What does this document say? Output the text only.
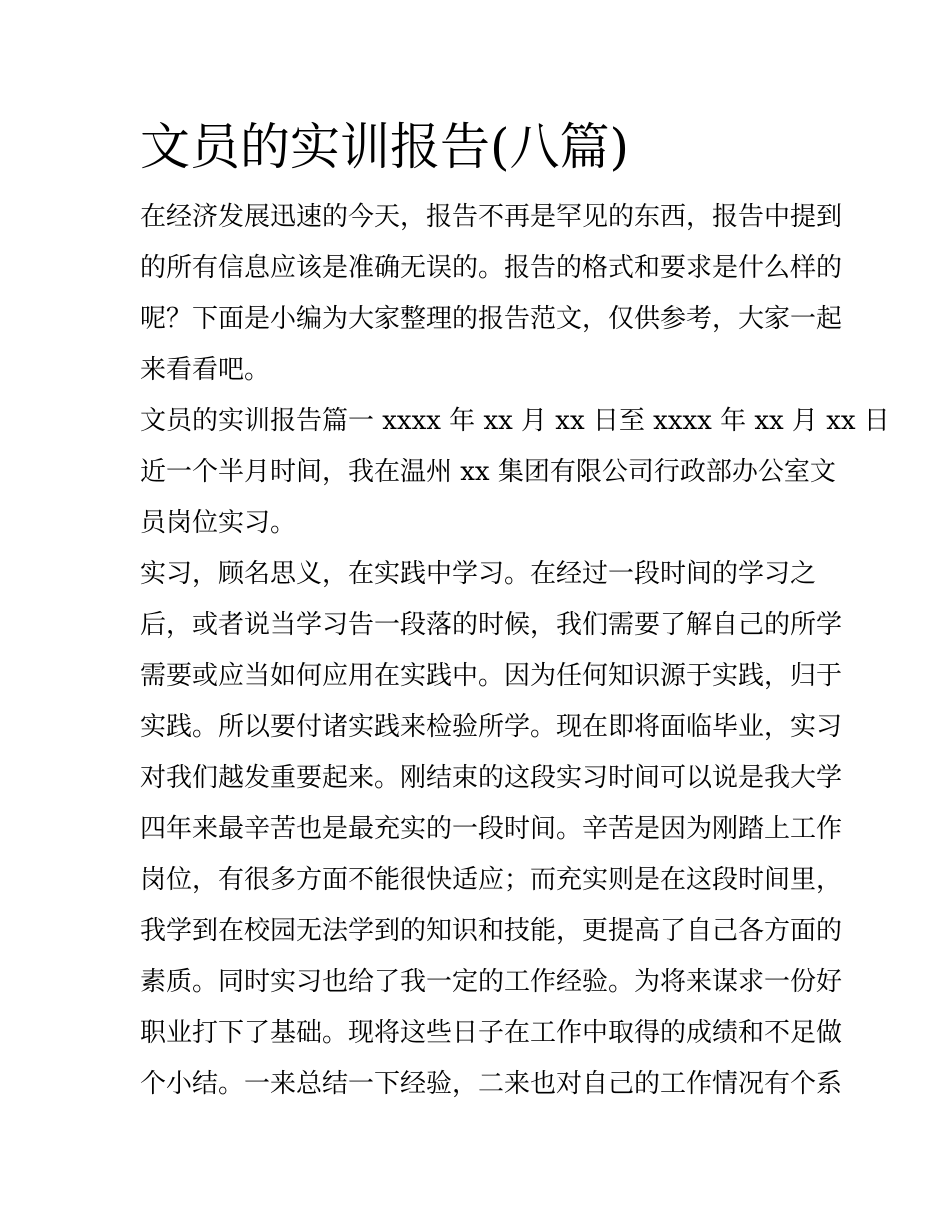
文员的实训报告(八篇)
在经济发展迅速的今天，报告不再是罕见的东西，报告中提到
的所有信息应该是准确无误的。报告的格式和要求是什么样的
呢？下面是小编为大家整理的报告范文，仅供参考，大家一起
来看看吧。
文员的实训报告篇一 xxxx 年 xx 月 xx 日至 xxxx 年 xx 月 xx 日
近一个半月时间，我在温州 xx 集团有限公司行政部办公室文
员岗位实习。
实习，顾名思义，在实践中学习。在经过一段时间的学习之
后，或者说当学习告一段落的时候，我们需要了解自己的所学
需要或应当如何应用在实践中。因为任何知识源于实践，归于
实践。所以要付诸实践来检验所学。现在即将面临毕业，实习
对我们越发重要起来。刚结束的这段实习时间可以说是我大学
四年来最辛苦也是最充实的一段时间。辛苦是因为刚踏上工作
岗位，有很多方面不能很快适应；而充实则是在这段时间里，
我学到在校园无法学到的知识和技能，更提高了自己各方面的
素质。同时实习也给了我一定的工作经验。为将来谋求一份好
职业打下了基础。现将这些日子在工作中取得的成绩和不足做
个小结。一来总结一下经验，二来也对自己的工作情况有个系
